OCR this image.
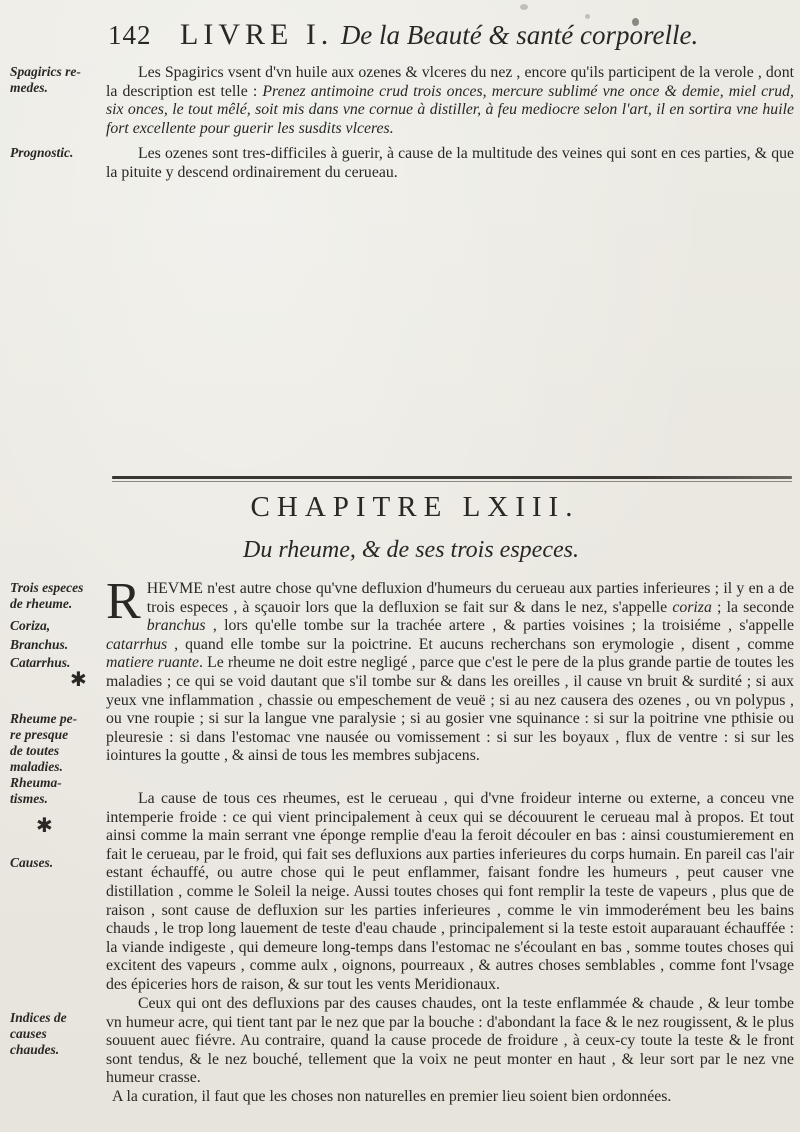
142 LIVRE I. De la Beauté & santé corporelle.
Spagirics re-medes.
Prognostic.
Trois especes de rheume.
Coriza,
Branchus.
Catarrhus.
✱
Rheume pe-re presque de toutes maladies. Rheuma-tismes.
✱
Causes.
Indices de causes chaudes.
Les Spagirics vsent d'vn huile aux ozenes & vlceres du nez , encore qu'ils participent de la verole , dont la description est telle : Prenez antimoine crud trois onces, mercure sublimé vne once & demie, miel crud, six onces, le tout mêlé, soit mis dans vne cornue à distiller, à feu mediocre selon l'art, il en sortira vne huile fort excellente pour guerir les susdits vlceres.
Les ozenes sont tres-difficiles à guerir, à cause de la multitude des veines qui sont en ces parties, & que la pituite y descend ordinairement du cerueau.
CHAPITRE LXIII.
Du rheume, & de ses trois especes.
RHEVME n'est autre chose qu'vne defluxion d'humeurs du cerueau aux parties inferieures ; il y en a de trois especes , à sçauoir lors que la defluxion se fait sur & dans le nez, s'appelle coriza ; la seconde branchus , lors qu'elle tombe sur la trachée artere , & parties voisines ; la troisiéme , s'appelle catarrhus , quand elle tombe sur la poictrine. Et aucuns recherchans son erymologie , disent , comme matiere ruante. Le rheume ne doit estre negligé , parce que c'est le pere de la plus grande partie de toutes les maladies ; ce qui se void dautant que s'il tombe sur & dans les oreilles , il cause vn bruit & surdité ; si aux yeux vne inflammation , chassie ou empeschement de veuë ; si au nez causera des ozenes , ou vn polypus , ou vne roupie ; si sur la langue vne paralysie ; si au gosier vne squinance : si sur la poitrine vne pthisie ou pleuresie : si dans l'estomac vne nausée ou vomissement : si sur les boyaux , flux de ventre : si sur les iointures la goutte , & ainsi de tous les membres subjacens.
La cause de tous ces rheumes, est le cerueau , qui d'vne froideur interne ou externe, a conceu vne intemperie froide : ce qui vient principalement à ceux qui se découurent le cerueau mal à propos. Et tout ainsi comme la main serrant vne éponge remplie d'eau la feroit découler en bas : ainsi coustumierement en fait le cerueau, par le froid, qui fait ses defluxions aux parties inferieures du corps humain. En pareil cas l'air estant échauffé, ou autre chose qui le peut enflammer, faisant fondre les humeurs , peut causer vne distillation , comme le Soleil la neige. Aussi toutes choses qui font remplir la teste de vapeurs , plus que de raison , sont cause de defluxion sur les parties inferieures , comme le vin immoderément beu les bains chauds , le trop long lauement de teste d'eau chaude , principalement si la teste estoit auparauant échauffée : la viande indigeste , qui demeure long-temps dans l'estomac ne s'écoulant en bas , somme toutes choses qui excitent des vapeurs , comme aulx , oignons, pourreaux , & autres choses semblables , comme font l'vsage des épiceries hors de raison, & sur tout les vents Meridionaux.
Ceux qui ont des defluxions par des causes chaudes, ont la teste enflammée & chaude , & leur tombe vn humeur acre, qui tient tant par le nez que par la bouche : d'abondant la face & le nez rougissent, & le plus souuent auec fiévre. Au contraire, quand la cause procede de froidure , à ceux-cy toute la teste & le front sont tendus, & le nez bouché, tellement que la voix ne peut monter en haut , & leur sort par le nez vne humeur crasse.
A la curation, il faut que les choses non naturelles en premier lieu soient bien ordonnées.
